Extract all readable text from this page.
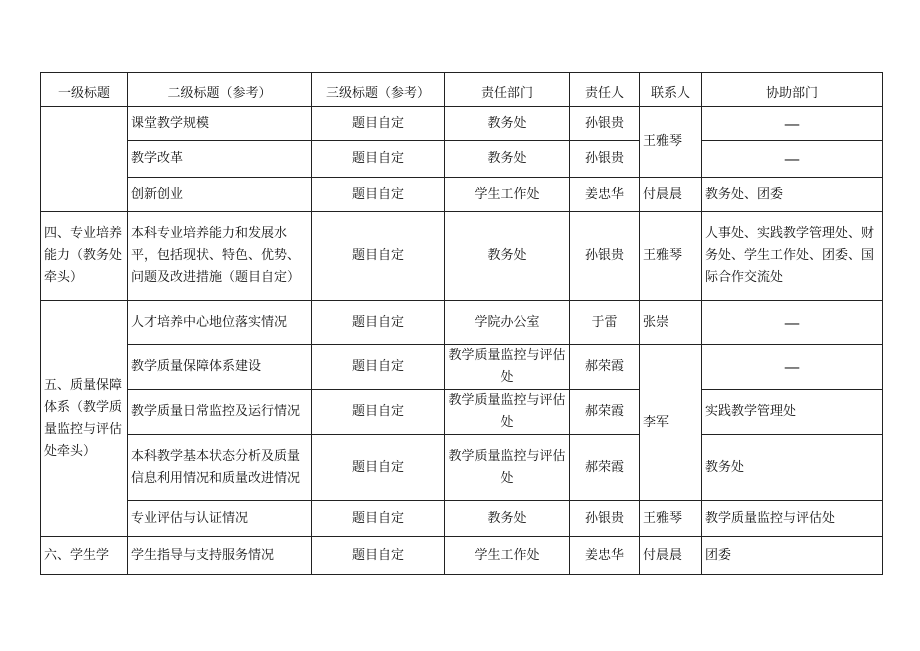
一级标题	二级标题（参考）	三级标题（参考）	责任部门	责任人	联系人	协助部门
	课堂教学规模	题目自定	教务处	孙银贵	王雅琴	—
	教学改革	题目自定	教务处	孙银贵		—
	创新创业	题目自定	学生工作处	姜忠华	付晨晨	教务处、团委
四、专业培养能力（教务处牵头）	本科专业培养能力和发展水平，包括现状、特色、优势、问题及改进措施（题目自定）	题目自定	教务处	孙银贵	王雅琴	人事处、实践教学管理处、财务处、学生工作处、团委、国际合作交流处
五、质量保障体系（教学质量监控与评估处牵头）	人才培养中心地位落实情况	题目自定	学院办公室	于雷	张崇	—
	教学质量保障体系建设	题目自定	教学质量监控与评估处	郝荣霞	李军	—
	教学质量日常监控及运行情况	题目自定	教学质量监控与评估处	郝荣霞		实践教学管理处
	本科教学基本状态分析及质量信息利用情况和质量改进情况	题目自定	教学质量监控与评估处	郝荣霞		教务处
	专业评估与认证情况	题目自定	教务处	孙银贵	王雅琴	教学质量监控与评估处
六、学生学	学生指导与支持服务情况	题目自定	学生工作处	姜忠华	付晨晨	团委
